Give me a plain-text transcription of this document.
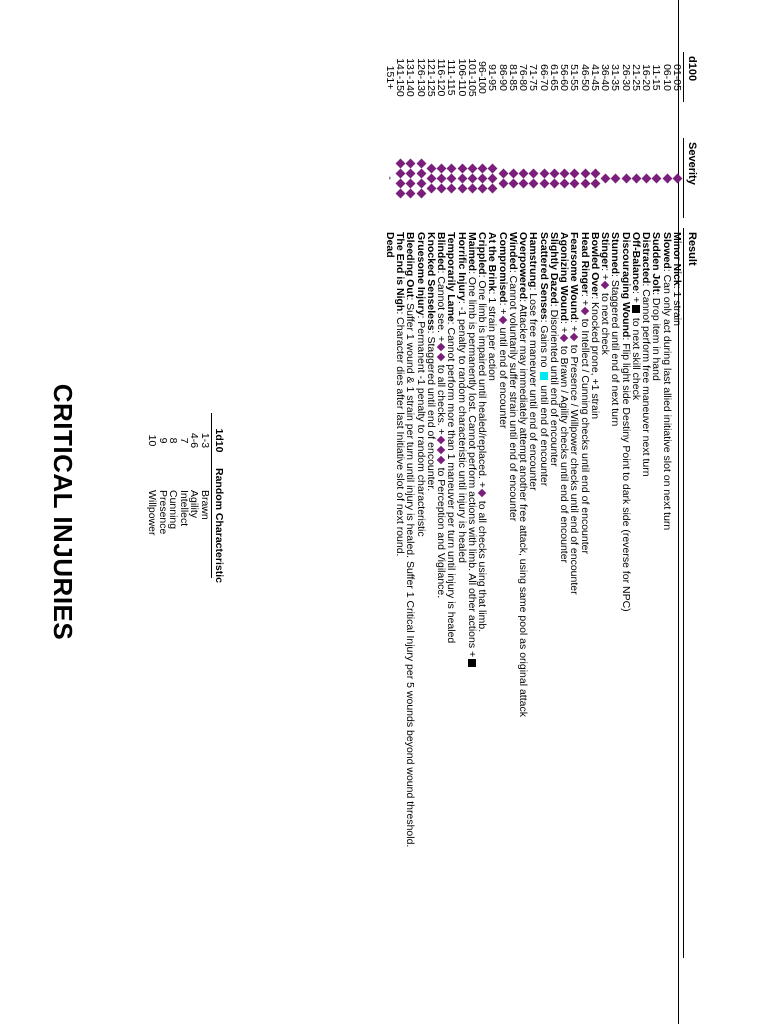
CRITICAL INJURIES
d100
Severity
Result
01-05
Minor Nick: 1 strain
06-10
Slowed: Can only act during last allied initiative slot on next turn
11-15
Sudden Jolt: Drop item in hand
16-20
Distracted: Cannot perform free maneuver next turn
21-25
Off-Balance: + to next skill check
26-30
Discouraging Wound: Flip light side Destiny Point to dark side (reverse for NPC)
31-35
Stunned: Staggered until end of next turn
36-40
Stinger: + to next check
41-45
Bowled Over: Knocked prone, +1 strain
46-50
Head Ringer: + to Intellect / Cunning checks until end of encounter
51-55
Fearsome Wound: + to Presence / Willpower checks until end of encounter
56-60
Agonizing Wound: + to Brawn / Agility checks until end of encounter
61-65
Slightly Dazed: Disoriented until end of encounter
66-70
Scattered Senses: Gains no  until end of encounter
71-75
Hamstrung: Lose free maneuver until end of encounter
76-80
Overpowered: Attacker may immediately attempt another free attack, using same pool as original attack
81-85
Winded: Cannot voluntarily suffer strain until end of encounter
86-90
Compromised: + until end of encounter
91-95
At the Brink: 1 strain per action
96-100
Crippled: One limb is impaired until healed/replaced. + to all checks using that limb.
101-105
Maimed: One limb is permanently lost. Cannot perform actions with limb. All other actions +
106-110
Horrific Injury: -1 penalty to random characteristic until injury is healed
111-115
Temporarily Lame: Cannot perform more than 1 maneuver per turn until injury is healed
116-120
Blinded: Cannot see. + to all checks. + to Perception and Vigilance.
121-125
Knocked Senseless: Staggered until end of encounter.
126-130
Gruesome Injury: Permanent -1 penalty to random characteristic
131-140
Bleeding Out: Suffer 1 wound & 1 strain per turn until injury is healed. Suffer 1 Critical Injury per 5 wounds beyond wound threshold.
141-150
The End is Nigh: Character dies after last Initiative slot of next round.
151+
-
Dead
1d10
Random Characteristic
1-3
Brawn
4-6
Agility
7
Intellect
8
Cunning
9
Presence
10
Willpower
